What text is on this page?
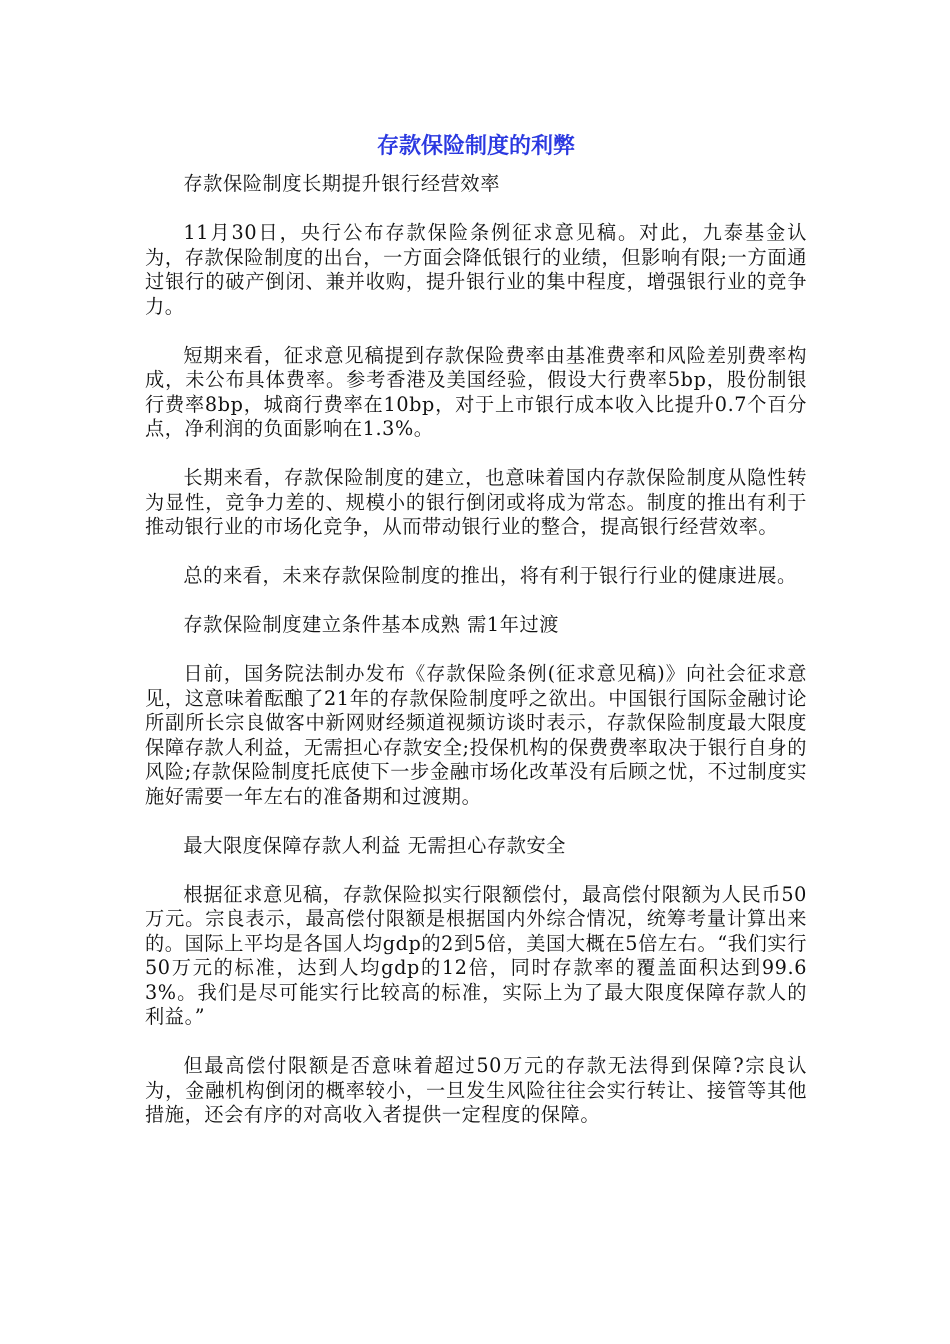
存款保险制度的利弊

存款保险制度长期提升银行经营效率

11月30日，央行公布存款保险条例征求意见稿。对此，九泰基金认为，存款保险制度的出台，一方面会降低银行的业绩，但影响有限;一方面通过银行的破产倒闭、兼并收购，提升银行业的集中程度，增强银行业的竞争力。

短期来看，征求意见稿提到存款保险费率由基准费率和风险差别费率构成，未公布具体费率。参考香港及美国经验，假设大行费率5bp，股份制银行费率8bp，城商行费率在10bp，对于上市银行成本收入比提升0.7个百分点，净利润的负面影响在1.3%。

长期来看，存款保险制度的建立，也意味着国内存款保险制度从隐性转为显性，竞争力差的、规模小的银行倒闭或将成为常态。制度的推出有利于推动银行业的市场化竞争，从而带动银行业的整合，提高银行经营效率。

总的来看，未来存款保险制度的推出，将有利于银行行业的健康进展。

存款保险制度建立条件基本成熟 需1年过渡

日前，国务院法制办发布《存款保险条例(征求意见稿)》向社会征求意见，这意味着酝酿了21年的存款保险制度呼之欲出。中国银行国际金融讨论所副所长宗良做客中新网财经频道视频访谈时表示，存款保险制度最大限度保障存款人利益，无需担心存款安全;投保机构的保费费率取决于银行自身的风险;存款保险制度托底使下一步金融市场化改革没有后顾之忧，不过制度实施好需要一年左右的准备期和过渡期。

最大限度保障存款人利益 无需担心存款安全

根据征求意见稿，存款保险拟实行限额偿付，最高偿付限额为人民币50万元。宗良表示，最高偿付限额是根据国内外综合情况，统筹考量计算出来的。国际上平均是各国人均gdp的2到5倍，美国大概在5倍左右。“我们实行50万元的标准，达到人均gdp的12倍，同时存款率的覆盖面积达到99.63%。我们是尽可能实行比较高的标准，实际上为了最大限度保障存款人的利益。”

但最高偿付限额是否意味着超过50万元的存款无法得到保障?宗良认为，金融机构倒闭的概率较小，一旦发生风险往往会实行转让、接管等其他措施，还会有序的对高收入者提供一定程度的保障。
